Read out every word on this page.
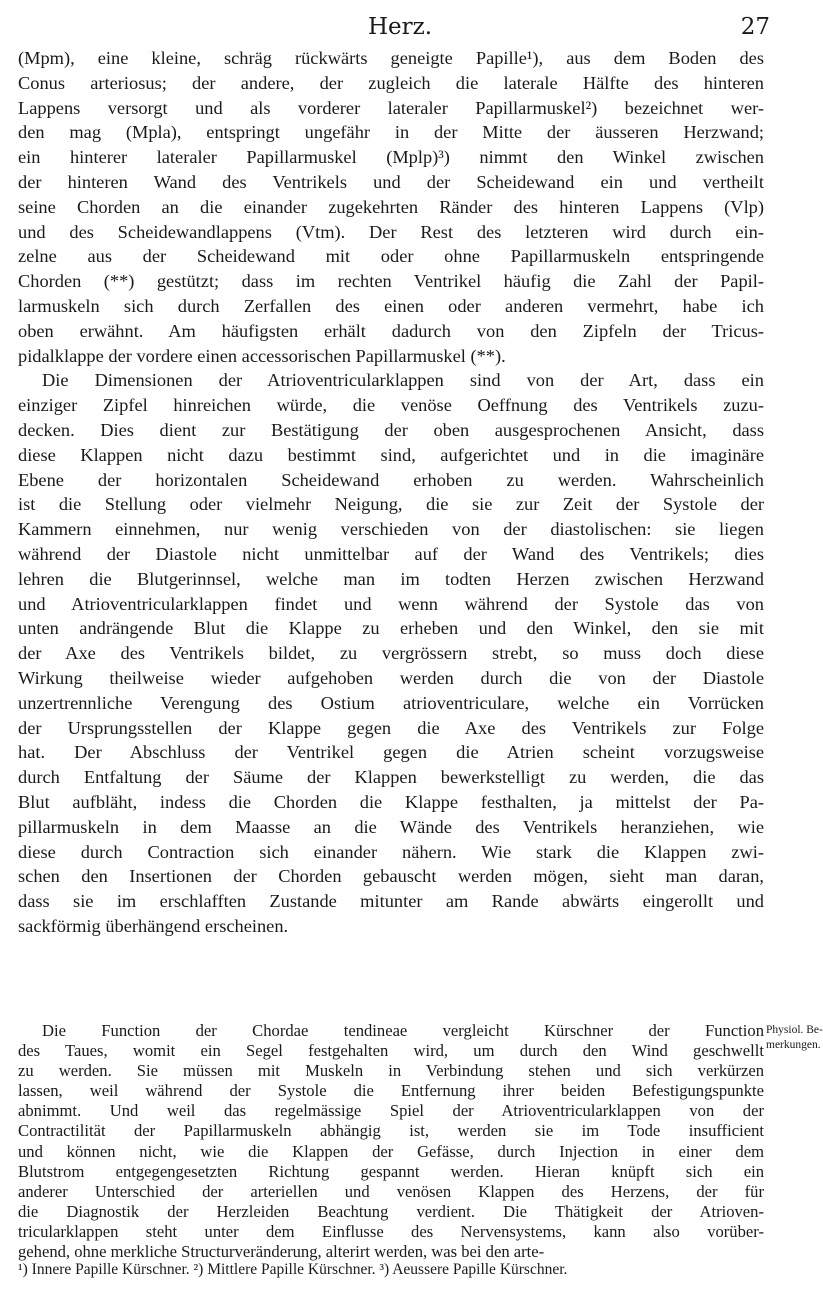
Herz.	27
(Mpm), eine kleine, schräg rückwärts geneigte Papille¹), aus dem Boden des
Conus arteriosus; der andere, der zugleich die laterale Hälfte des hinteren
Lappens versorgt und als vorderer lateraler Papillarmuskel²) bezeichnet wer-
den mag (Mpla), entspringt ungefähr in der Mitte der äusseren Herzwand;
ein hinterer lateraler Papillarmuskel (Mplp)³) nimmt den Winkel zwischen
der hinteren Wand des Ventrikels und der Scheidewand ein und vertheilt
seine Chorden an die einander zugekehrten Ränder des hinteren Lappens (Vlp)
und des Scheidewandlappens (Vtm). Der Rest des letzteren wird durch ein-
zelne aus der Scheidewand mit oder ohne Papillarmuskeln entspringende
Chorden (**) gestützt; dass im rechten Ventrikel häufig die Zahl der Papil-
larmuskeln sich durch Zerfallen des einen oder anderen vermehrt, habe ich
oben erwähnt. Am häufigsten erhält dadurch von den Zipfeln der Tricus-
pidalklappe der vordere einen accessorischen Papillarmuskel (**).
Die Dimensionen der Atrioventricularklappen sind von der Art, dass ein
einziger Zipfel hinreichen würde, die venöse Oeffnung des Ventrikels zuzu-
decken. Dies dient zur Bestätigung der oben ausgesprochenen Ansicht, dass
diese Klappen nicht dazu bestimmt sind, aufgerichtet und in die imaginäre
Ebene der horizontalen Scheidewand erhoben zu werden. Wahrscheinlich
ist die Stellung oder vielmehr Neigung, die sie zur Zeit der Systole der
Kammern einnehmen, nur wenig verschieden von der diastolischen: sie liegen
während der Diastole nicht unmittelbar auf der Wand des Ventrikels; dies
lehren die Blutgerinnsel, welche man im todten Herzen zwischen Herzwand
und Atrioventricularklappen findet und wenn während der Systole das von
unten andrängende Blut die Klappe zu erheben und den Winkel, den sie mit
der Axe des Ventrikels bildet, zu vergrössern strebt, so muss doch diese
Wirkung theilweise wieder aufgehoben werden durch die von der Diastole
unzertrennliche Verengung des Ostium atrioventriculare, welche ein Vorrücken
der Ursprungsstellen der Klappe gegen die Axe des Ventrikels zur Folge
hat. Der Abschluss der Ventrikel gegen die Atrien scheint vorzugsweise
durch Entfaltung der Säume der Klappen bewerkstelligt zu werden, die das
Blut aufbläht, indess die Chorden die Klappe festhalten, ja mittelst der Pa-
pillarmuskeln in dem Maasse an die Wände des Ventrikels heranziehen, wie
diese durch Contraction sich einander nähern. Wie stark die Klappen zwi-
schen den Insertionen der Chorden gebauscht werden mögen, sieht man daran,
dass sie im erschlafften Zustande mitunter am Rande abwärts eingerollt und
sackförmig überhängend erscheinen.
Die Function der Chordae tendineae vergleicht Kürschner der Function
des Taues, womit ein Segel festgehalten wird, um durch den Wind geschwellt
zu werden. Sie müssen mit Muskeln in Verbindung stehen und sich verkürzen
lassen, weil während der Systole die Entfernung ihrer beiden Befestigungspunkte
abnimmt. Und weil das regelmässige Spiel der Atrioventricularklappen von der
Contractilität der Papillarmuskeln abhängig ist, werden sie im Tode insufficient
und können nicht, wie die Klappen der Gefässe, durch Injection in einer dem
Blutstrom entgegengesetzten Richtung gespannt werden. Hieran knüpft sich ein
anderer Unterschied der arteriellen und venösen Klappen des Herzens, der für
die Diagnostik der Herzleiden Beachtung verdient. Die Thätigkeit der Atrioven-
tricularklappen steht unter dem Einflusse des Nervensystems, kann also vorüber-
gehend, ohne merkliche Structurveränderung, alterirt werden, was bei den arte-
Physiol. Be-
merkungen.
¹) Innere Papille Kürschner. ²) Mittlere Papille Kürschner. ³) Aeussere Papille Kürschner.
